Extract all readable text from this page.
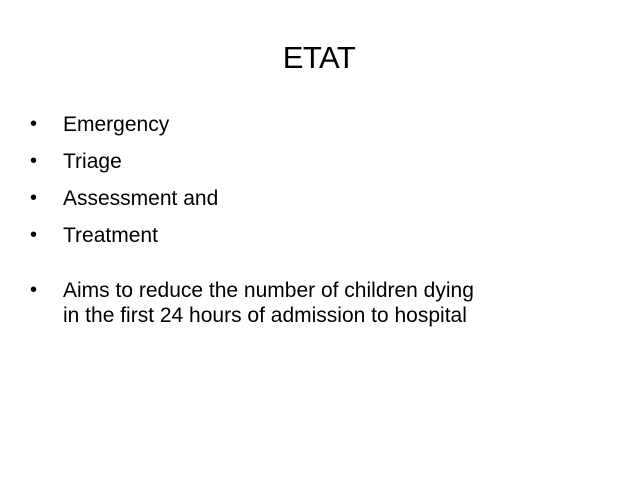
ETAT
• Emergency
• Triage
• Assessment and
• Treatment
• Aims to reduce the number of children dying
in the first 24 hours of admission to hospital
